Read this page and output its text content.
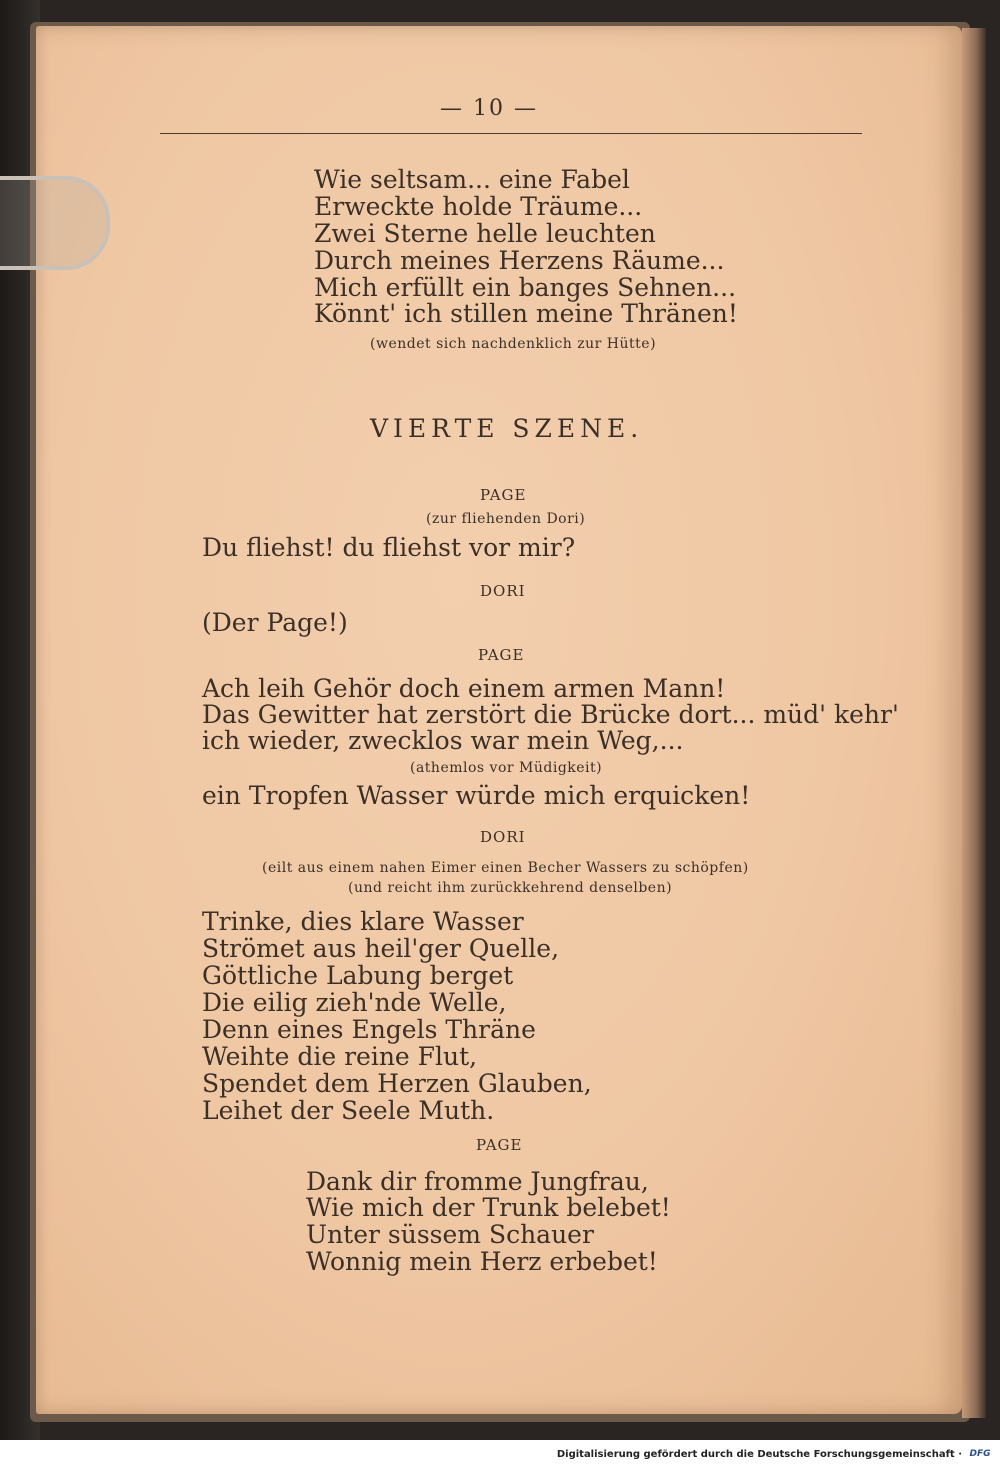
— 10 —
Wie seltsam... eine Fabel
Erweckte holde Träume...
Zwei Sterne helle leuchten
Durch meines Herzens Räume...
Mich erfüllt ein banges Sehnen...
Könnt' ich stillen meine Thränen!
(wendet sich nachdenklich zur Hütte)
VIERTE SZENE.
PAGE
(zur fliehenden Dori)
Du fliehst! du fliehst vor mir?
DORI
(Der Page!)
PAGE
Ach leih Gehör doch einem armen Mann!
Das Gewitter hat zerstört die Brücke dort... müd' kehr'
ich wieder, zwecklos war mein Weg,...
(athemlos vor Müdigkeit)
ein Tropfen Wasser würde mich erquicken!
DORI
(eilt aus einem nahen Eimer einen Becher Wassers zu schöpfen)
(und reicht ihm zurückkehrend denselben)
Trinke, dies klare Wasser
Strömet aus heil'ger Quelle,
Göttliche Labung berget
Die eilig zieh'nde Welle,
Denn eines Engels Thräne
Weihte die reine Flut,
Spendet dem Herzen Glauben,
Leihet der Seele Muth.
PAGE
Dank dir fromme Jungfrau,
Wie mich der Trunk belebet!
Unter süssem Schauer
Wonnig mein Herz erbebet!
Digitalisierung gefördert durch die Deutsche Forschungsgemeinschaft · DFG
